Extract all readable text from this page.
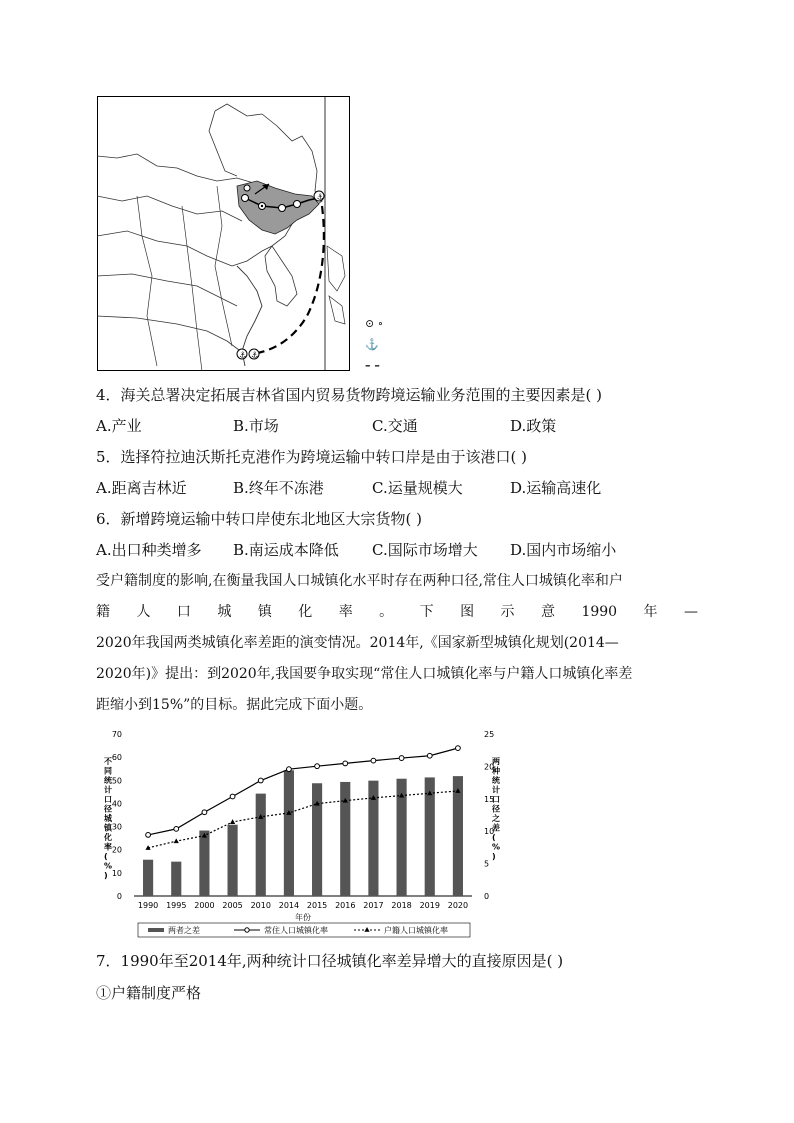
⚓
⚓ ⚓
⊙ ∘
⚓
– –
4．海关总署决定拓展吉林省国内贸易货物跨境运输业务范围的主要因素是( )
A.产业	B.市场	C.交通	D.政策
5．选择符拉迪沃斯托克港作为跨境运输中转口岸是由于该港口( )
A.距离吉林近	B.终年不冻港	C.运量规模大	D.运输高速化
6．新增跨境运输中转口岸使东北地区大宗货物( )
A.出口种类增多 B.南运成本降低 C.国际市场增大 D.国内市场缩小
受户籍制度的影响,在衡量我国人口城镇化水平时存在两种口径,常住人口城镇化率和户
籍人口城镇化率。下图示意1990年—
2020年我国两类城镇化率差距的演变情况。2014年,《国家新型城镇化规划(2014—
2020年)》提出：到2020年,我国要争取实现“常住人口城镇化率与户籍人口城镇化率差
距缩小到15%”的目标。据此完成下面小题。
0
10
20
30
40
50
60
70
0
5
10
15
20
25
不同统计口径城镇化率( % )
两种统计口径之差( % )
1990 1995 2000 2005 2010 2014 2015 2016 2017 2018 2019 2020
年份
两者之差	常住人口城镇化率	户籍人口城镇化率
7．1990年至2014年,两种统计口径城镇化率差异增大的直接原因是( )
①户籍制度严格
